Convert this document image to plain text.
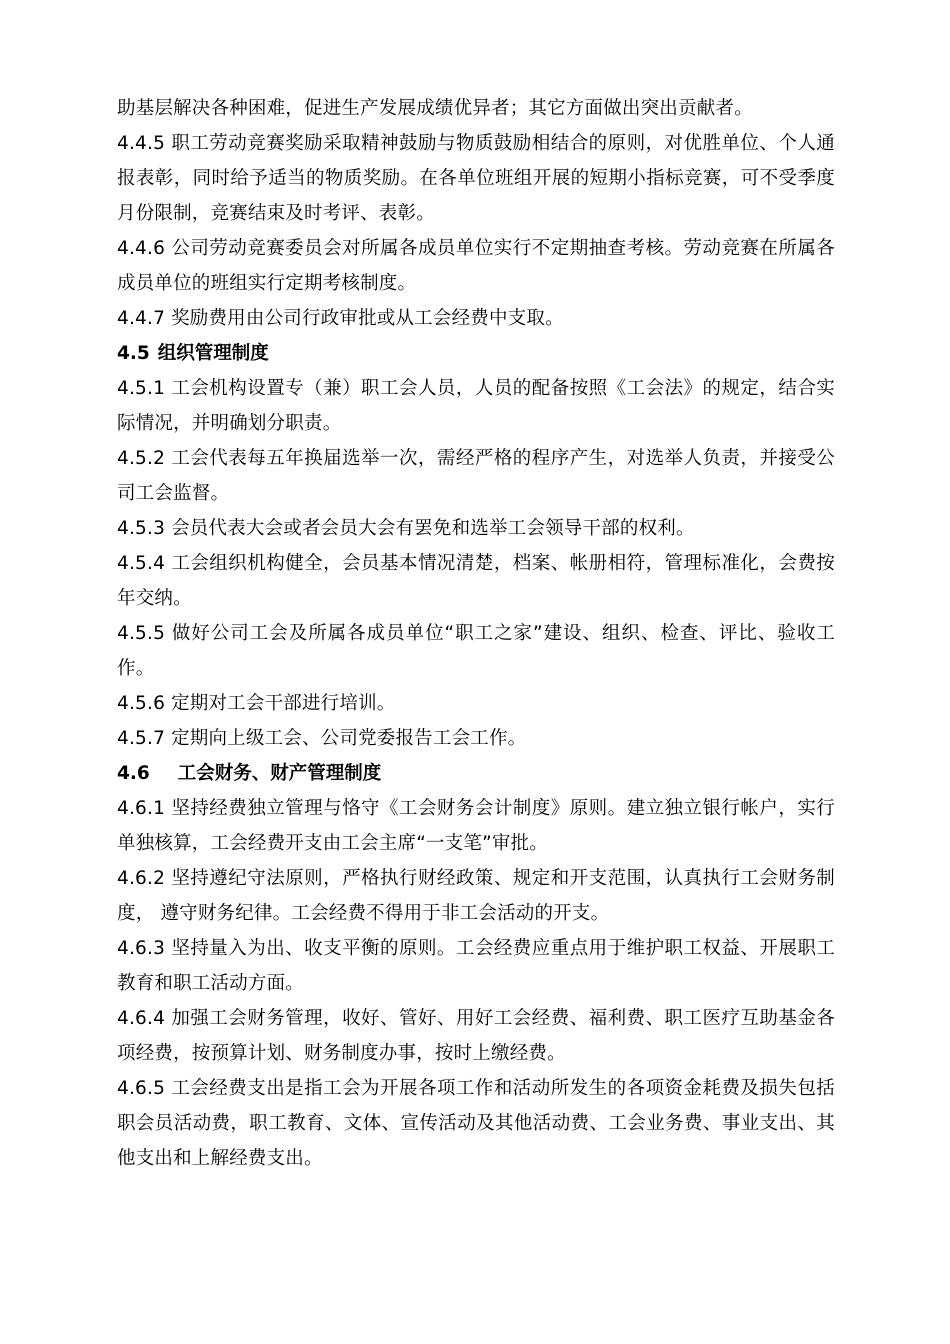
助基层解决各种困难，促进生产发展成绩优异者；其它方面做出突出贡献者。

4.4.5 职工劳动竞赛奖励采取精神鼓励与物质鼓励相结合的原则，对优胜单位、个人通报表彰，同时给予适当的物质奖励。在各单位班组开展的短期小指标竞赛，可不受季度月份限制，竞赛结束及时考评、表彰。

4.4.6 公司劳动竞赛委员会对所属各成员单位实行不定期抽查考核。劳动竞赛在所属各成员单位的班组实行定期考核制度。

4.4.7 奖励费用由公司行政审批或从工会经费中支取。

4.5 组织管理制度

4.5.1 工会机构设置专（兼）职工会人员，人员的配备按照《工会法》的规定，结合实际情况，并明确划分职责。

4.5.2 工会代表每五年换届选举一次，需经严格的程序产生，对选举人负责，并接受公司工会监督。

4.5.3 会员代表大会或者会员大会有罢免和选举工会领导干部的权利。

4.5.4 工会组织机构健全，会员基本情况清楚，档案、帐册相符，管理标准化，会费按年交纳。

4.5.5 做好公司工会及所属各成员单位“职工之家”建设、组织、检查、评比、验收工作。

4.5.6 定期对工会干部进行培训。

4.5.7 定期向上级工会、公司党委报告工会工作。

4.6 工会财务、财产管理制度

4.6.1 坚持经费独立管理与恪守《工会财务会计制度》原则。建立独立银行帐户，实行单独核算，工会经费开支由工会主席“一支笔”审批。

4.6.2 坚持遵纪守法原则，严格执行财经政策、规定和开支范围，认真执行工会财务制度， 遵守财务纪律。工会经费不得用于非工会活动的开支。

4.6.3 坚持量入为出、收支平衡的原则。工会经费应重点用于维护职工权益、开展职工教育和职工活动方面。

4.6.4 加强工会财务管理，收好、管好、用好工会经费、福利费、职工医疗互助基金各项经费，按预算计划、财务制度办事，按时上缴经费。

4.6.5 工会经费支出是指工会为开展各项工作和活动所发生的各项资金耗费及损失包括职会员活动费，职工教育、文体、宣传活动及其他活动费、工会业务费、事业支出、其他支出和上解经费支出。
